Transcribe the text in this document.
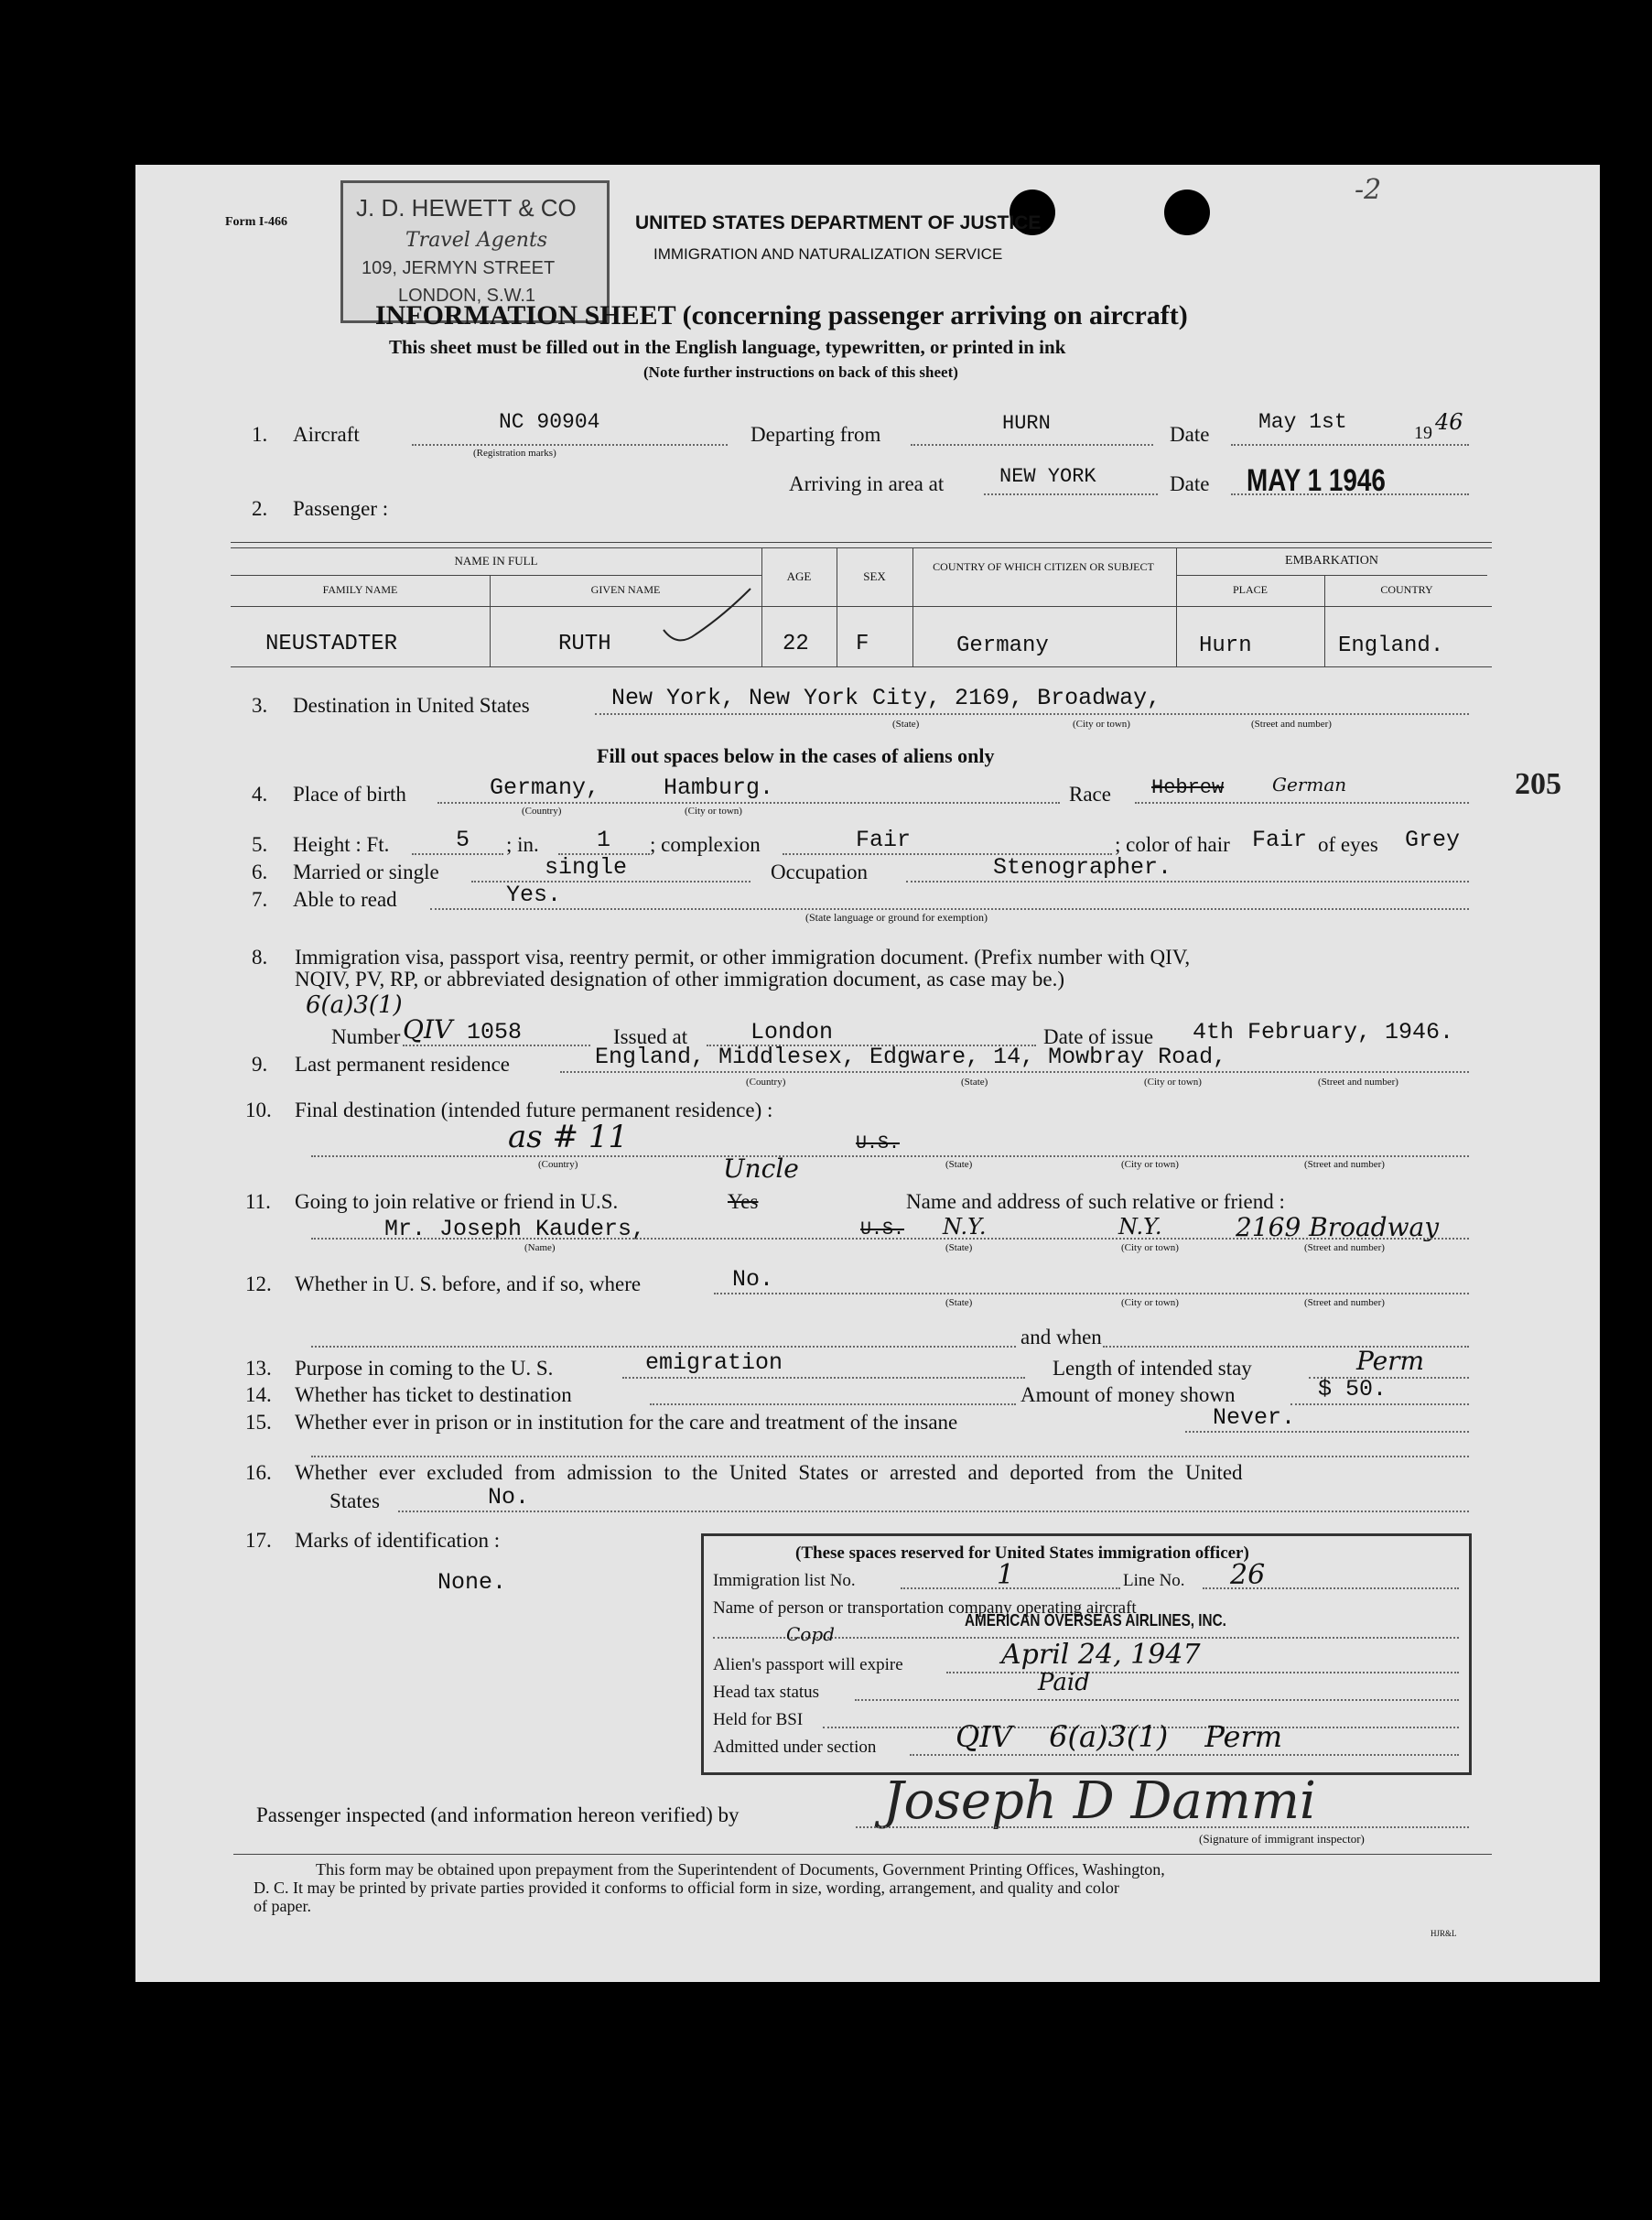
Form I-466
J. D. HEWETT & CO
Travel Agents
109, JERMYN STREET
LONDON, S.W.1
-2
UNITED STATES DEPARTMENT OF JUSTICE
IMMIGRATION AND NATURALIZATION SERVICE
INFORMATION SHEET (concerning passenger arriving on aircraft)
This sheet must be filled out in the English language, typewritten, or printed in ink
(Note further instructions on back of this sheet)
1. Aircraft
NC 90904
(Registration marks)
Departing from	HURN	Date
May 1st	19 46
Arriving in area at	NEW YORK	Date MAY 1 1946
2. Passenger :
NAME IN FULL
FAMILY NAME	GIVEN NAME
AGE	SEX
COUNTRY OF WHICH CITIZEN OR SUBJECT	EMBARKATION
PLACE	COUNTRY
NEUSTADTER	RUTH	22 F	Germany	Hurn	England.
3. Destination in United States	New York, New York City, 2169, Broadway,
(State)	(City or town)	(Street and number)
Fill out spaces below in the cases of aliens only
4. Place of birth	Germany,	Hamburg.
(Country)	(City or town)
Race Hebrew	German	205
5. Height : Ft.	5 ; in.	1 ; complexion	Fair	; color of hair Fair of eyes Grey
6. Married or single	single	Occupation	Stenographer.
7. Able to read	Yes.
(State language or ground for exemption)
8. Immigration visa, passport visa, reentry permit, or other immigration document. (Prefix number with QIV,
NQIV, PV, RP, or abbreviated designation of other immigration document, as case may be.)
6(a)3(1)
Number QIV 1058	Issued at	London	Date of issue 4th February, 1946.
9. Last permanent residence	England, Middlesex, Edgware, 14, Mowbray Road,
(Country)	(State)	(City or town)	(Street and number)
10. Final destination (intended future permanent residence) :
as # 11	U.S.
(Country)	(State)	(City or town)	(Street and number)
11. Going to join relative or friend in U.S.	Yes
Uncle
Name and address of such relative or friend :
Mr. Joseph Kauders,	U.S. N.Y.	N.Y.	2169 Broadway
(Name)	(State)	(City or town)	(Street and number)
12. Whether in U. S. before, and if so, where	No.
(State)	(City or town)	(Street and number)
and when
13. Purpose in coming to the U. S.	emigration	Length of intended stay	Perm
14. Whether has ticket to destination	Amount of money shown	$ 50.
15. Whether ever in prison or in institution for the care and treatment of the insane	Never.
16. Whether ever excluded from admission to the United States or arrested and deported from the United
States	No.
17. Marks of identification :
None.
(These spaces reserved for United States immigration officer)
Immigration list No.	1	Line No. 26
Name of person or transportation company operating aircraft
AMERICAN OVERSEAS AIRLINES, INC.
Copd
Alien's passport will expire	April 24, 1947
Head tax status	Paid
Held for BSI
Admitted under section	QIV 6(a)3(1) Perm
Passenger inspected (and information hereon verified) by	Joseph D Dammi
(Signature of immigrant inspector)
This form may be obtained upon prepayment from the Superintendent of Documents, Government Printing Offices, Washington,
D. C. It may be printed by private parties provided it conforms to official form in size, wording, arrangement, and quality and color
of paper.
HJR&L
